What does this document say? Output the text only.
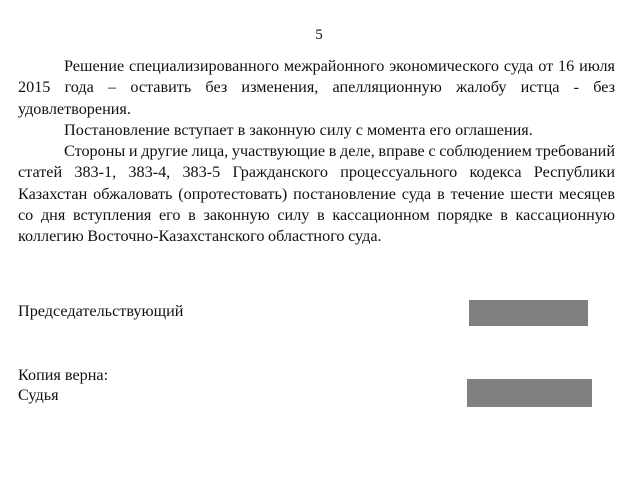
5

Решение специализированного межрайонного экономического суда от 16 июля 2015 года – оставить без изменения, апелляционную жалобу истца - без удовлетворения.

Постановление вступает в законную силу с момента его оглашения.

Стороны и другие лица, участвующие в деле, вправе с соблюдением требований статей 383-1, 383-4, 383-5 Гражданского процессуального кодекса Республики Казахстан обжаловать (опротестовать) постановление суда в течение шести месяцев со дня вступления его в законную силу в кассационном порядке в кассационную коллегию Восточно-Казахстанского областного суда.

Председательствующий
Копия верна:
Судья
